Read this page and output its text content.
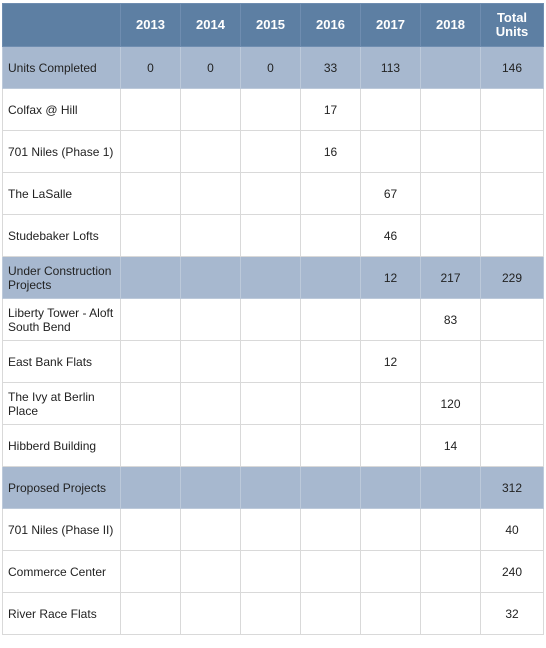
	2013	2014	2015	2016	2017	2018	Total Units
Units Completed	0	0	0	33	113		146
Colfax @ Hill				17			
701 Niles (Phase 1)				16			
The LaSalle					67		
Studebaker Lofts					46		
Under Construction Projects					12	217	229
Liberty Tower - Aloft South Bend						83	
East Bank Flats					12		
The Ivy at Berlin Place						120	
Hibberd Building						14	
Proposed Projects							312
701 Niles (Phase II)							40
Commerce Center							240
River Race Flats							32
